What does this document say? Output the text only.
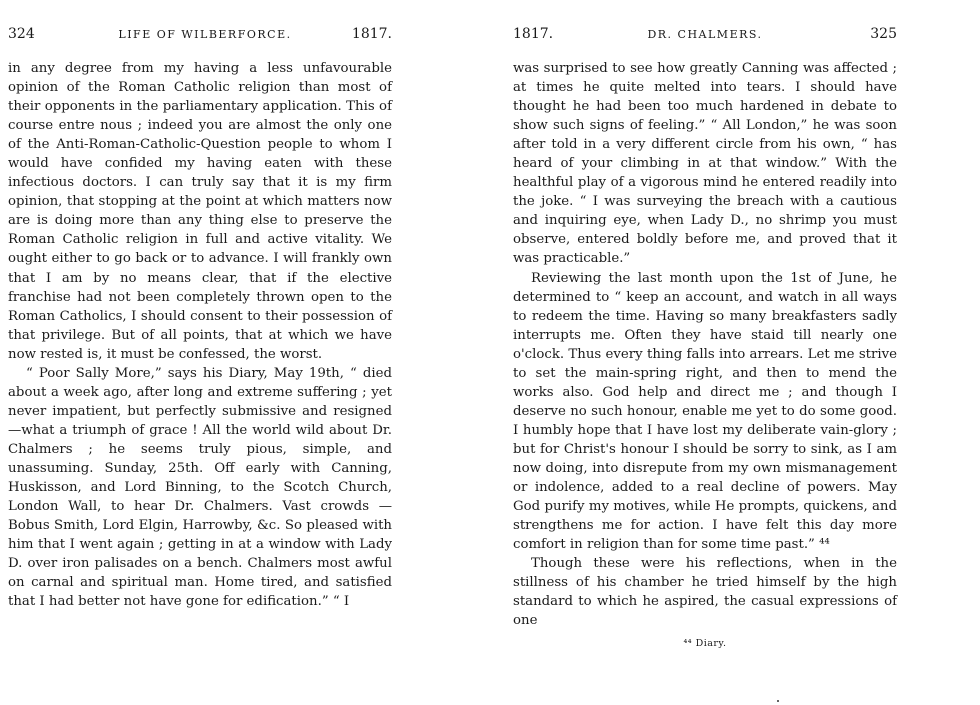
324	LIFE OF WILBERFORCE.	1817.

in any degree from my having a less unfavourable opinion of the Roman Catholic religion than most of their opponents in the parliamentary application. This of course entre nous ; indeed you are almost the only one of the Anti-Roman-Catholic-Question people to whom I would have confided my having eaten with these infectious doctors. I can truly say that it is my firm opinion, that stopping at the point at which matters now are is doing more than any thing else to preserve the Roman Catholic religion in full and active vitality. We ought either to go back or to advance. I will frankly own that I am by no means clear, that if the elective franchise had not been completely thrown open to the Roman Catholics, I should consent to their possession of that privilege. But of all points, that at which we have now rested is, it must be confessed, the worst.

“ Poor Sally More,” says his Diary, May 19th, “ died about a week ago, after long and extreme suffering ; yet never impatient, but perfectly submissive and resigned—what a triumph of grace ! All the world wild about Dr. Chalmers ; he seems truly pious, simple, and unassuming. Sunday, 25th. Off early with Canning, Huskisson, and Lord Binning, to the Scotch Church, London Wall, to hear Dr. Chalmers. Vast crowds — Bobus Smith, Lord Elgin, Harrowby, &c. So pleased with him that I went again ; getting in at a window with Lady D. over iron palisades on a bench. Chalmers most awful on carnal and spiritual man. Home tired, and satisfied that I had better not have gone for edification.” “ I

1817.	DR. CHALMERS.	325

was surprised to see how greatly Canning was affected ; at times he quite melted into tears. I should have thought he had been too much hardened in debate to show such signs of feeling.” “ All London,” he was soon after told in a very different circle from his own, “ has heard of your climbing in at that window.” With the healthful play of a vigorous mind he entered readily into the joke. “ I was surveying the breach with a cautious and inquiring eye, when Lady D., no shrimp you must observe, entered boldly before me, and proved that it was practicable.”

Reviewing the last month upon the 1st of June, he determined to “ keep an account, and watch in all ways to redeem the time. Having so many breakfasters sadly interrupts me. Often they have staid till nearly one o'clock. Thus every thing falls into arrears. Let me strive to set the main-spring right, and then to mend the works also. God help and direct me ; and though I deserve no such honour, enable me yet to do some good. I humbly hope that I have lost my deliberate vain-glory ; but for Christ's honour I should be sorry to sink, as I am now doing, into disrepute from my own mismanagement or indolence, added to a real decline of powers. May God purify my motives, while He prompts, quickens, and strengthens me for action. I have felt this day more comfort in religion than for some time past.” ⁴⁴

Though these were his reflections, when in the stillness of his chamber he tried himself by the high standard to which he aspired, the casual expressions of one

⁴⁴ Diary.
